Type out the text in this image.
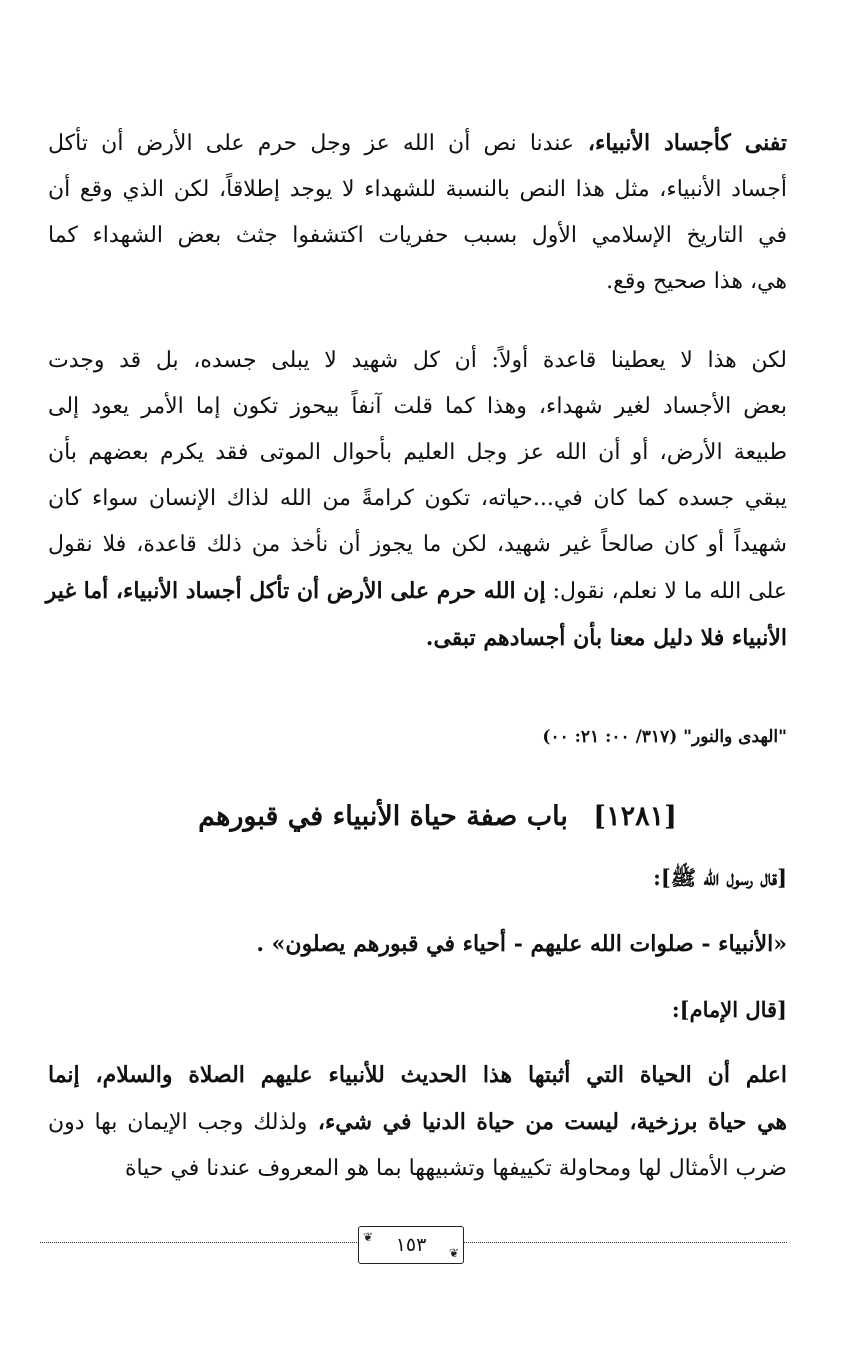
تفنى كأجساد الأنبياء، عندنا نص أن الله عز وجل حرم على الأرض أن تأكل
أجساد الأنبياء، مثل هذا النص بالنسبة للشهداء لا يوجد إطلاقاً، لكن الذي وقع أن
في التاريخ الإسلامي الأول بسبب حفريات اكتشفوا جثث بعض الشهداء كما
هي، هذا صحيح وقع.

لكن هذا لا يعطينا قاعدة أولاً: أن كل شهيد لا يبلى جسده، بل قد وجدت
بعض الأجساد لغير شهداء، وهذا كما قلت آنفاً بيحوز تكون إما الأمر يعود إلى
طبيعة الأرض، أو أن الله عز وجل العليم بأحوال الموتى فقد يكرم بعضهم بأن
يبقي جسده كما كان في...حياته، تكون كرامةً من الله لذاك الإنسان سواء كان
شهيداً أو كان صالحاً غير شهيد، لكن ما يجوز أن نأخذ من ذلك قاعدة، فلا نقول
على الله ما لا نعلم، نقول: إن الله حرم على الأرض أن تأكل أجساد الأنبياء، أما غير
الأنبياء فلا دليل معنا بأن أجسادهم تبقى.

"الهدى والنور" (٣١٧/ ٠٠: ٢١: ٠٠)
[١٢٨١] باب صفة حياة الأنبياء في قبورهم
[قال رسول الله ﷺ]:
«الأنبياء - صلوات الله عليهم - أحياء في قبورهم يصلون» .
[قال الإمام]:

اعلم أن الحياة التي أثبتها هذا الحديث للأنبياء عليهم الصلاة والسلام، إنما
هي حياة برزخية، ليست من حياة الدنيا في شيء، ولذلك وجب الإيمان بها دون
ضرب الأمثال لها ومحاولة تكييفها وتشبيهها بما هو المعروف عندنا في حياة

❦ ١٥٣ ❦
